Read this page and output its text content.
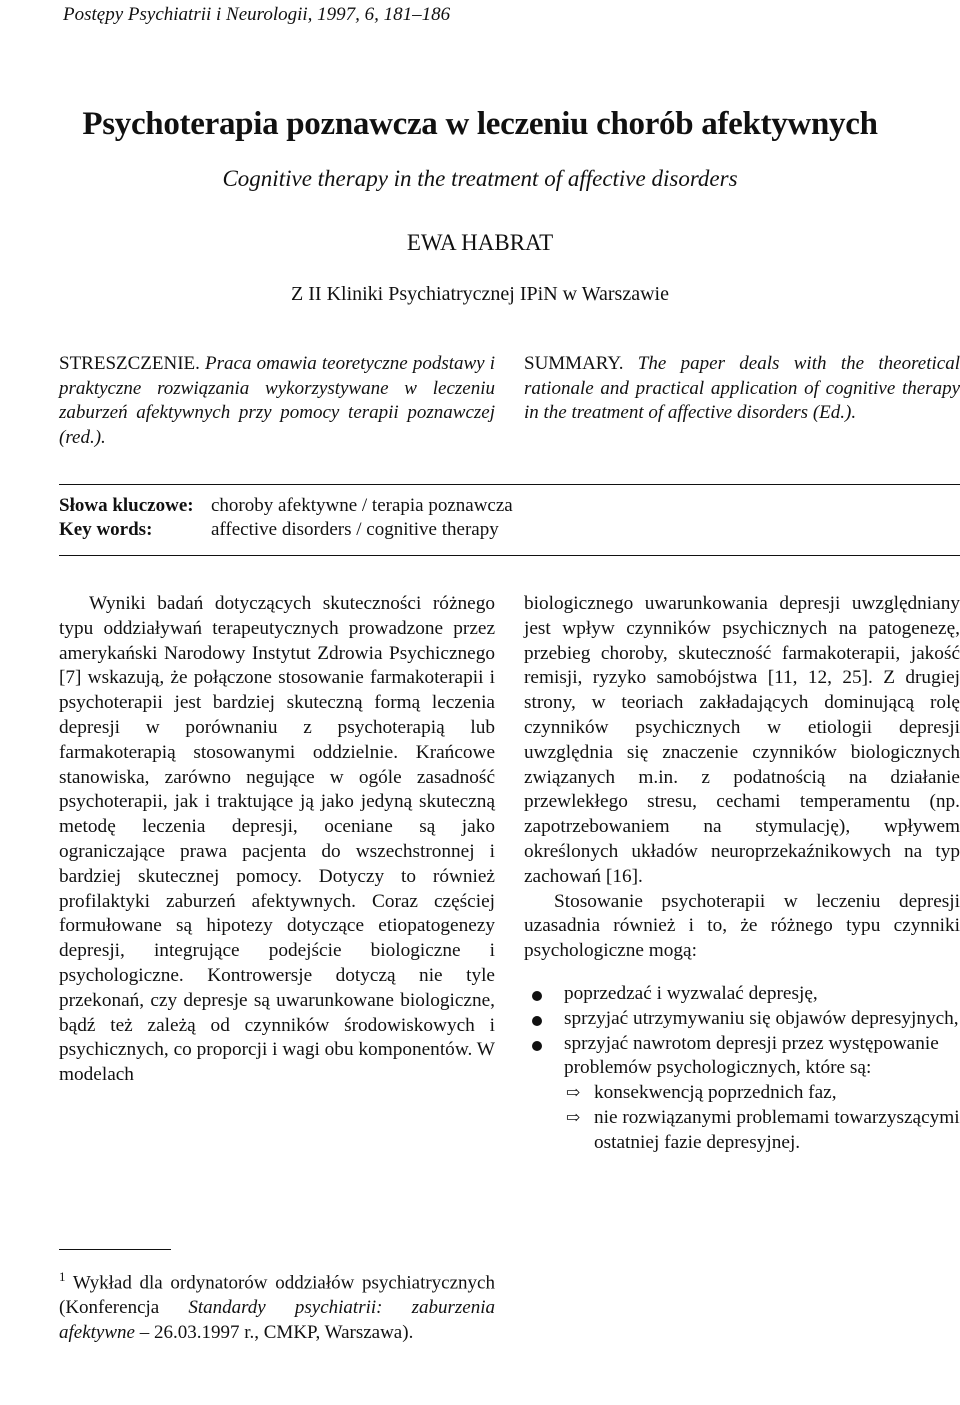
Postępy Psychiatrii i Neurologii, 1997, 6, 181–186
Psychoterapia poznawcza w leczeniu chorób afektywnych
Cognitive therapy in the treatment of affective disorders
EWA HABRAT
Z II Kliniki Psychiatrycznej IPiN w Warszawie

STRESZCZENIE. Praca omawia teoretyczne podstawy i praktyczne rozwiązania wykorzystywane w leczeniu zaburzeń afektywnych przy pomocy terapii poznawczej (red.).

SUMMARY. The paper deals with the theoretical rationale and practical application of cognitive therapy in the treatment of affective disorders (Ed.).

Słowa kluczowe: choroby afektywne / terapia poznawcza
Key words:	affective disorders / cognitive therapy

Wyniki badań dotyczących skuteczności różnego typu oddziaływań terapeutycznych prowadzone przez amerykański Narodowy Instytut Zdrowia Psychicznego [7] wskazują, że połączone stosowanie farmakoterapii i psychoterapii jest bardziej skuteczną formą leczenia depresji w porównaniu z psychoterapią lub farmakoterapią stosowanymi oddzielnie. Krańcowe stanowiska, zarówno negujące w ogóle zasadność psychoterapii, jak i traktujące ją jako jedyną skuteczną metodę leczenia depresji, oceniane są jako ograniczające prawa pacjenta do wszechstronnej i bardziej skutecznej pomocy. Dotyczy to również profilaktyki zaburzeń afektywnych. Coraz częściej formułowane są hipotezy dotyczące etiopatogenezy depresji, integrujące podejście biologiczne i psychologiczne. Kontrowersje dotyczą nie tyle przekonań, czy depresje są uwarunkowane biologiczne, bądź też zależą od czynników środowiskowych i psychicznych, co proporcji i wagi obu komponentów. W modelach

biologicznego uwarunkowania depresji uwzględniany jest wpływ czynników psychicznych na patogenezę, przebieg choroby, skuteczność farmakoterapii, jakość remisji, ryzyko samobójstwa [11, 12, 25]. Z drugiej strony, w teoriach zakładających dominującą rolę czynników psychicznych w etiologii depresji uwzględnia się znaczenie czynników biologicznych związanych m.in. z podatnością na działanie przewlekłego stresu, cechami temperamentu (np. zapotrzebowaniem na stymulację), wpływem określonych układów neuroprzekaźnikowych na typ zachowań [16].

Stosowanie psychoterapii w leczeniu depresji uzasadnia również i to, że różnego typu czynniki psychologiczne mogą:

poprzedzać i wyzwalać depresję,
sprzyjać utrzymywaniu się objawów depresyjnych,
sprzyjać nawrotom depresji przez występowanie problemów psychologicznych, które są:
⇨ konsekwencją poprzednich faz,
⇨ nie rozwiązanymi problemami towarzyszącymi ostatniej fazie depresyjnej.
$^1$ Wykład dla ordynatorów oddziałów psychiatrycznych (Konferencja Standardy psychiatrii: zaburzenia afektywne – 26.03.1997 r., CMKP, Warszawa).
